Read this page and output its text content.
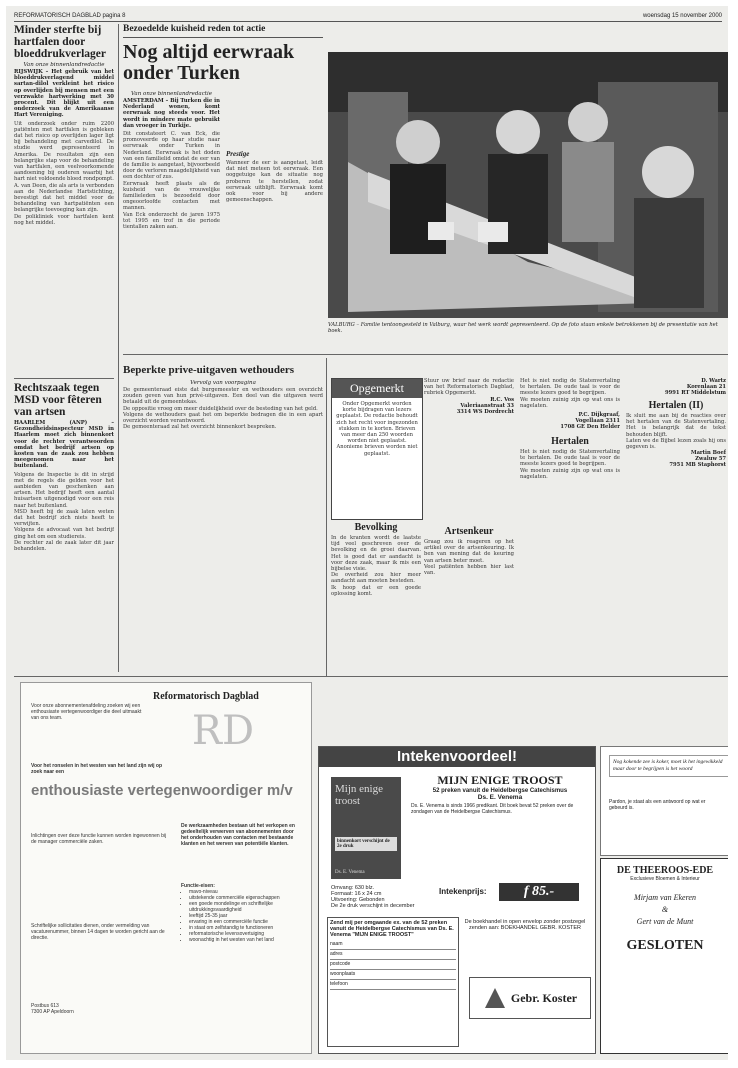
REFORMATORISCH DAGBLAD pagina 8	woensdag 15 november 2000
Minder sterfte bij hartfalen door bloeddrukverlager
Van onze binnenlandredactie
RIJSWIJK – Het gebruik van het bloeddrukverlagend middel sartan-dilol verkleint het risico op overlijden bij mensen met een verzwakte hartwerking met 30 procent. Dit blijkt uit een onderzoek van de Amerikaanse Hart Vereniging.
Uit onderzoek onder ruim 2200 patiënten met hartfalen is gebleken dat het risico op overlijden lager ligt bij behandeling met carvedilol. De studie werd gepresenteerd in Amerika. De resultaten zijn een belangrijke stap voor de behandeling van hartfalen, een veelvoorkomende aandoening bij ouderen waarbij het hart niet voldoende bloed rondpompt.
A. van Deen, die als arts is verbonden aan de Nederlandse Hartstichting, bevestigt dat het middel voor de behandeling van hartpatiënten een belangrijke toevoeging kan zijn.
De polikliniek voor hartfalen kent nog het middel.
Rechtszaak tegen MSD voor fêteren van artsen
HAARLEM (ANP) – Gezondheidsinspecteur MSD in Haarlem moet zich binnenkort voor de rechter verantwoorden omdat het bedrijf artsen op kosten van de zaak zou hebben meegenomen naar het buitenland.
Volgens de Inspectie is dit in strijd met de regels die gelden voor het aanbieden van geschenken aan artsen. Het bedrijf heeft een aantal huisartsen uitgenodigd voor een reis naar het buitenland.
MSD heeft bij de zaak laten weten dat het bedrijf zich niets heeft te verwijten.
Volgens de advocaat van het bedrijf ging het om een studiereis.
De rechter zal de zaak later dit jaar behandelen.
Bezoedelde kuisheid reden tot actie
Nog altijd eerwraak onder Turken
Van onze binnenlandredactie
AMSTERDAM – Bij Turken die in Nederland wonen, komt eerwraak nog steeds voor. Het wordt in mindere mate gebruikt dan vroeger in Turkije.
Dit constateert C. van Eck, die promoveerde op haar studie naar eerwraak onder Turken in Nederland. Eerwraak is het doden van een familielid omdat de eer van de familie is aangetast, bijvoorbeeld door de verloren maagdelijkheid van een dochter of zus.
Eerwraak heeft plaats als de kuisheid van de vrouwelijke familieleden is bezoedeld door ongeoorloofde contacten met mannen.
Van Eck onderzocht de jaren 1975 tot 1995 en trof in die periode tientallen zaken aan.
Prestige
Wanneer de eer is aangetast, leidt dat niet meteen tot eerwraak. Een ooggetuige kan de situatie nog proberen te herstellen, zodat eerwraak uitblijft. Eerwraak komt ook voor bij andere gemeenschappen.
VALBURG – Familie tentoongesteld in Valburg, waar het werk wordt gepresenteerd. Op de foto staan enkele betrokkenen bij de presentatie van het boek.
Beperkte prive-uitgaven wethouders
Vervolg van voorpagina
De gemeenteraad eiste dat burgemeester en wethouders een overzicht zouden geven van hun privé-uitgaven. Een deel van die uitgaven werd betaald uit de gemeentekas.
De oppositie vroeg om meer duidelijkheid over de besteding van het geld.
Volgens de wethouders gaat het om beperkte bedragen die in een apart overzicht worden verantwoord.
De gemeenteraad zal het overzicht binnenkort bespreken.
Opgemerkt
Onder Opgemerkt worden korte bijdragen van lezers geplaatst. De redactie behoudt zich het recht voor ingezonden stukken in te korten. Brieven van meer dan 250 woorden worden niet geplaatst. Anonieme brieven worden niet geplaatst.
Stuur uw brief naar de redactie van het Reformatorisch Dagblad, rubriek Opgemerkt.
R.C. Vos
Valeriaanstraat 33
3314 WS Dordrecht
Bevolking
In de kranten wordt de laatste tijd veel geschreven over de bevolking en de groei daarvan. Het is goed dat er aandacht is voor deze zaak, maar ik mis een bijbelse visie.
De overheid zou hier meer aandacht aan moeten besteden.
Ik hoop dat er een goede oplossing komt.
Artsenkeur
Graag zou ik reageren op het artikel over de artsenkeuring. Ik ben van mening dat de keuring van artsen beter moet.
Veel patiënten hebben hier last van.
Het is niet nodig de Statenvertaling te hertalen. De oude taal is voor de meeste lezers goed te begrijpen.
We moeten zuinig zijn op wat ons is nagelaten.
P.C. Dijkgraaf,
Vogellaan 2311
1708 GE Den Helder
Hertalen
Het is niet nodig de Statenvertaling te hertalen. De oude taal is voor de meeste lezers goed te begrijpen.
We moeten zuinig zijn op wat ons is nagelaten.
D. Wartz
Korenlaan 21
9991 RT Middelstum
Hertalen (II)
Ik sluit me aan bij de reacties over het hertalen van de Statenvertaling. Het is belangrijk dat de tekst behouden blijft.
Laten we de Bijbel lezen zoals hij ons gegeven is.
Martin Boef
Zwaluw 57
7951 MB Staphorst
Reformatorisch Dagblad
RD
Voor onze abonnementenafdeling zoeken wij een enthousiaste vertegenwoordiger die deel uitmaakt van ons team.
Voor het ronselen in het westen van het land zijn wij op zoek naar een
enthousiaste vertegenwoordiger m/v
De werkzaamheden bestaan uit het verkopen en gedeeltelijk verwerven van abonnementen door het onderhouden van contacten met bestaande klanten en het werven van potentiële klanten.
Functie-eisen:
• mavo-niveau
• uitstekende commerciële eigenschappen
• een goede mondelinge en schriftelijke uitdrukkingsvaardigheid
• leeftijd 25-35 jaar
• ervaring in een commerciële functie
• in staat om zelfstandig te functioneren
• reformatorische levensovertuiging
• woonachtig in het westen van het land
Inlichtingen over deze functie kunnen worden ingewonnen bij de manager commerciële zaken.
Schriftelijke sollicitaties dienen, onder vermelding van vacaturenummer, binnen 14 dagen te worden gericht aan de directie.
Postbus 613
7300 AP Apeldoorn
Intekenvoordeel!
Mijn enige troost
binnenkort verschijnt de 2e druk
Ds. E. Venema
MIJN ENIGE TROOST
52 preken vanuit de Heidelbergse Catechismus
Ds. E. Venema
Ds. E. Venema is sinds 1966 predikant. Dit boek bevat 52 preken over de zondagen van de Heidelbergse Catechismus.
Omvang: 630 blz.
Formaat: 16 x 24 cm
Uitvoering: Gebonden
De 2e druk verschijnt in december
Intekenprijs:	f 85.-
Zend mij per omgaande ex. van de 52 preken vanuit de Heidelbergse Catechismus van Ds. E. Venema "MIJN ENIGE TROOST"
naam
adres
postcode
woonplaats
telefoon
De boekhandel in open envelop zonder postzegel zenden aan: BOEKHANDEL GEBR. KOSTER
Gebr. Koster
Nog kokende zee is koker, moet ik het ingewikkeld maar door te begrijpen is het woord
Pardon, je staat als een antwoord op wat er gebeurd is.
DE THEEROOS-EDE
Exclusieve Bloemen & Interieur
Mirjam van Ekeren
&
Gert van de Munt
GESLOTEN
